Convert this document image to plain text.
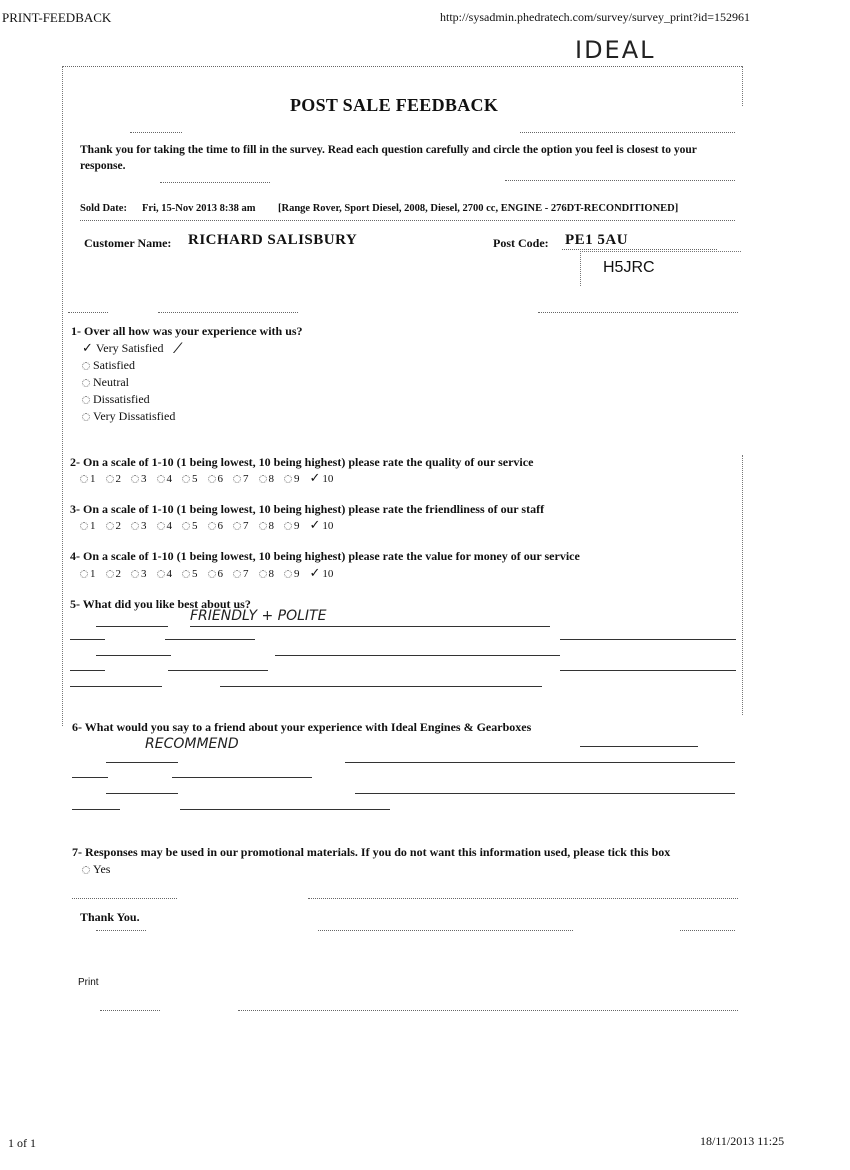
PRINT-FEEDBACK	http://sysadmin.phedratech.com/survey/survey_print?id=152961
IDEAL
POST SALE FEEDBACK
Thank you for taking the time to fill in the survey. Read each question carefully and circle the option you feel is closest to your response.
Sold Date: Fri, 15-Nov 2013 8:38 am [Range Rover, Sport Diesel, 2008, Diesel, 2700 cc, ENGINE - 276DT-RECONDITIONED]
Customer Name: RICHARD SALISBURY	Post Code: PE1 5AU
H5JRC
1- Over all how was your experience with us?
✓ Very Satisfied ⁄
Satisfied
Neutral
Dissatisfied
Very Dissatisfied
2- On a scale of 1-10 (1 being lowest, 10 being highest) please rate the quality of our service
1 2 3 4 5 6 7 8 9 ✓ 10
3- On a scale of 1-10 (1 being lowest, 10 being highest) please rate the friendliness of our staff
1 2 3 4 5 6 7 8 9 ✓ 10
4- On a scale of 1-10 (1 being lowest, 10 being highest) please rate the value for money of our service
1 2 3 4 5 6 7 8 9 ✓ 10
5- What did you like best about us?
FRIENDLY + POLITE
6- What would you say to a friend about your experience with Ideal Engines & Gearboxes
RECOMMEND
7- Responses may be used in our promotional materials. If you do not want this information used, please tick this box
Yes
Thank You.
Print
1 of 1	18/11/2013 11:25
